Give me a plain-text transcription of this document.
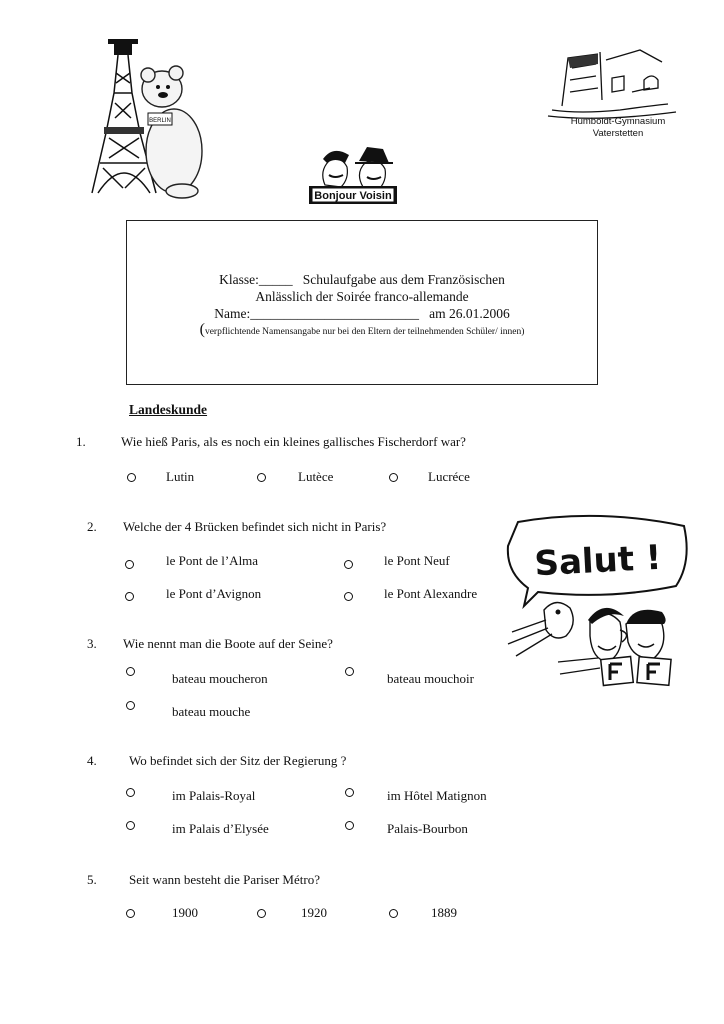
BERLIN
Bonjour Voisin
Humboldt-Gymnasium
Vaterstetten
Klasse:_____ Schulaufgabe aus dem Französischen
Anlässlich der Soirée franco-allemande
Name:_________________________ am 26.01.2006
(verpflichtende Namensangabe nur bei den Eltern der teilnehmenden Schüler/ innen)
Landeskunde
1.	Wie hieß Paris, als es noch ein kleines gallisches Fischerdorf war?
Lutin	Lutèce	Lucréce
2. Welche der 4 Brücken befindet sich nicht in Paris?
le Pont de l’Alma	le Pont Neuf
le Pont d’Avignon	le Pont Alexandre
Salut !
3. Wie nennt man die Boote auf der Seine?
bateau moucheron	bateau mouchoir
bateau mouche
4. Wo befindet sich der Sitz der Regierung ?
im Palais-Royal	im Hôtel Matignon
im Palais d’Elysée	Palais-Bourbon
5. Seit wann besteht die Pariser Métro?
1900	1920	1889
